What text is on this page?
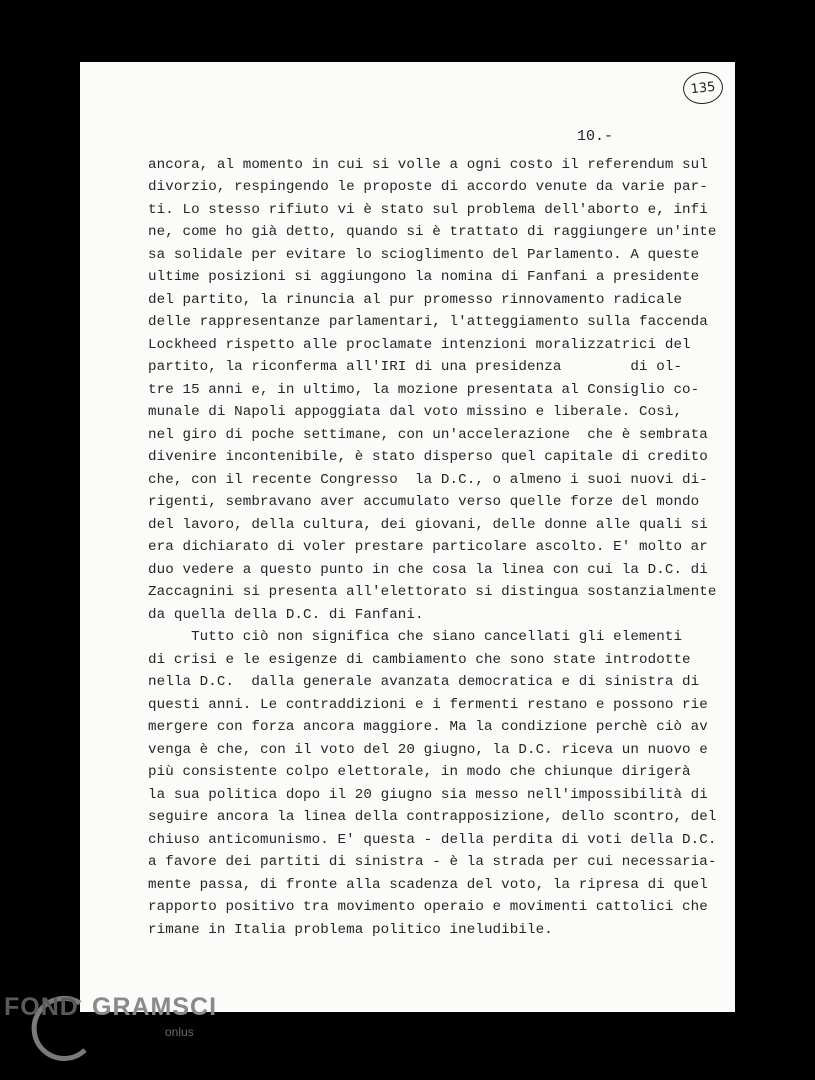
135
10.-
ancora, al momento in cui si volle a ogni costo il referendum sul
divorzio, respingendo le proposte di accordo venute da varie par-
ti. Lo stesso rifiuto vi è stato sul problema dell'aborto e, infi
ne, come ho già detto, quando si è trattato di raggiungere un'inte
sa solidale per evitare lo scioglimento del Parlamento. A queste
ultime posizioni si aggiungono la nomina di Fanfani a presidente
del partito, la rinuncia al pur promesso rinnovamento radicale
delle rappresentanze parlamentari, l'atteggiamento sulla faccenda
Lockheed rispetto alle proclamate intenzioni moralizzatrici del
partito, la riconferma all'IRI di una presidenza        di ol-
tre 15 anni e, in ultimo, la mozione presentata al Consiglio co-
munale di Napoli appoggiata dal voto missino e liberale. Così,
nel giro di poche settimane, con un'accelerazione  che è sembrata
divenire incontenibile, è stato disperso quel capitale di credito
che, con il recente Congresso  la D.C., o almeno i suoi nuovi di-
rigenti, sembravano aver accumulato verso quelle forze del mondo
del lavoro, della cultura, dei giovani, delle donne alle quali si
era dichiarato di voler prestare particolare ascolto. E' molto ar
duo vedere a questo punto in che cosa la linea con cui la D.C. di
Zaccagnini si presenta all'elettorato si distingua sostanzialmente
da quella della D.C. di Fanfani.
Tutto ciò non significa che siano cancellati gli elementi
di crisi e le esigenze di cambiamento che sono state introdotte
nella D.C.  dalla generale avanzata democratica e di sinistra di
questi anni. Le contraddizioni e i fermenti restano e possono rie
mergere con forza ancora maggiore. Ma la condizione perchè ciò av
venga è che, con il voto del 20 giugno, la D.C. riceva un nuovo e
più consistente colpo elettorale, in modo che chiunque dirigerà
la sua politica dopo il 20 giugno sia messo nell'impossibilità di
seguire ancora la linea della contrapposizione, dello scontro, del
chiuso anticomunismo. E' questa - della perdita di voti della D.C.
a favore dei partiti di sinistra - è la strada per cui necessaria-
mente passa, di fronte alla scadenza del voto, la ripresa di quel
rapporto positivo tra movimento operaio e movimenti cattolici che
rimane in Italia problema politico ineludibile.
FOND GRAMSCI
onlus
